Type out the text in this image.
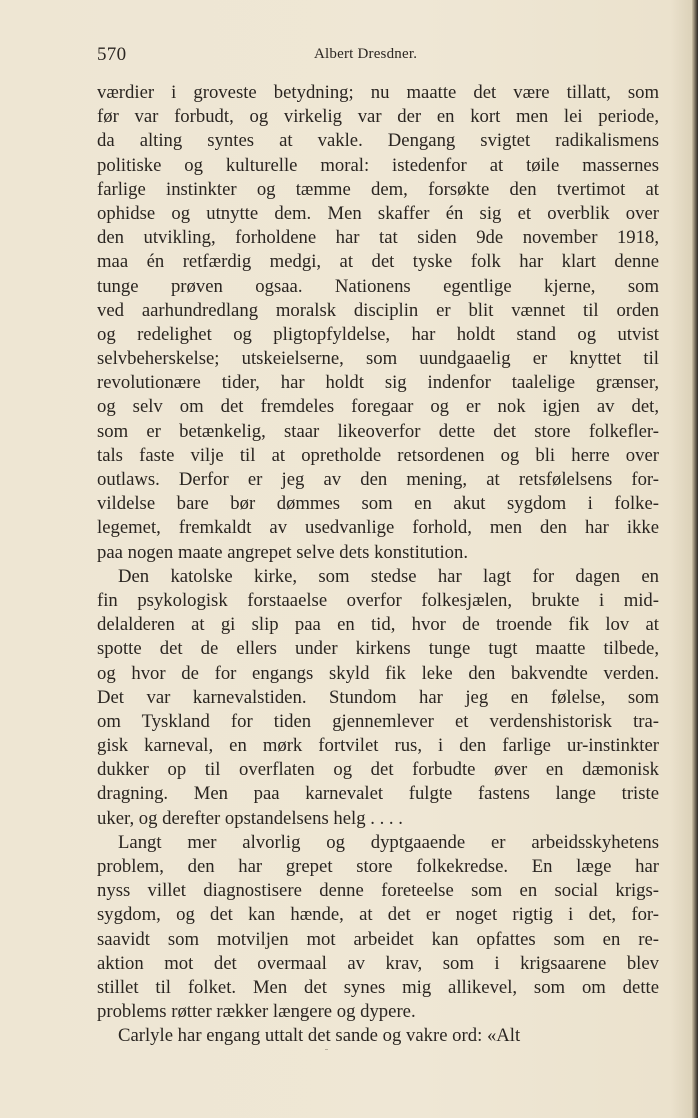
570	Albert Dresdner.
værdier i groveste betydning; nu maatte det være tillatt, som
før var forbudt, og virkelig var der en kort men lei periode,
da alting syntes at vakle. Dengang svigtet radikalismens
politiske og kulturelle moral: istedenfor at tøile massernes
farlige instinkter og tæmme dem, forsøkte den tvertimot at
ophidse og utnytte dem. Men skaffer én sig et overblik over
den utvikling, forholdene har tat siden 9de november 1918,
maa én retfærdig medgi, at det tyske folk har klart denne
tunge prøven ogsaa. Nationens egentlige kjerne, som
ved aarhundredlang moralsk disciplin er blit vænnet til orden
og redelighet og pligtopfyldelse, har holdt stand og utvist
selvbeherskelse; utskeielserne, som uundgaaelig er knyttet til
revolutionære tider, har holdt sig indenfor taalelige grænser,
og selv om det fremdeles foregaar og er nok igjen av det,
som er betænkelig, staar likeoverfor dette det store folkefler-
tals faste vilje til at opretholde retsordenen og bli herre over
outlaws. Derfor er jeg av den mening, at retsfølelsens for-
vildelse bare bør dømmes som en akut sygdom i folke-
legemet, fremkaldt av usedvanlige forhold, men den har ikke
paa nogen maate angrepet selve dets konstitution.
Den katolske kirke, som stedse har lagt for dagen en
fin psykologisk forstaaelse overfor folkesjælen, brukte i mid-
delalderen at gi slip paa en tid, hvor de troende fik lov at
spotte det de ellers under kirkens tunge tugt maatte tilbede,
og hvor de for engangs skyld fik leke den bakvendte verden.
Det var karnevalstiden. Stundom har jeg en følelse, som
om Tyskland for tiden gjennemlever et verdenshistorisk tra-
gisk karneval, en mørk fortvilet rus, i den farlige ur-instinkter
dukker op til overflaten og det forbudte øver en dæmonisk
dragning. Men paa karnevalet fulgte fastens lange triste
uker, og derefter opstandelsens helg . . . .
Langt mer alvorlig og dyptgaaende er arbeidsskyhetens
problem, den har grepet store folkekredse. En læge har
nyss villet diagnostisere denne foreteelse som en social krigs-
sygdom, og det kan hænde, at det er noget rigtig i det, for-
saavidt som motviljen mot arbeidet kan opfattes som en re-
aktion mot det overmaal av krav, som i krigsaarene blev
stillet til folket. Men det synes mig allikevel, som om dette
problems røtter rækker længere og dypere.
Carlyle har engang uttalt det sande og vakre ord: «Alt
